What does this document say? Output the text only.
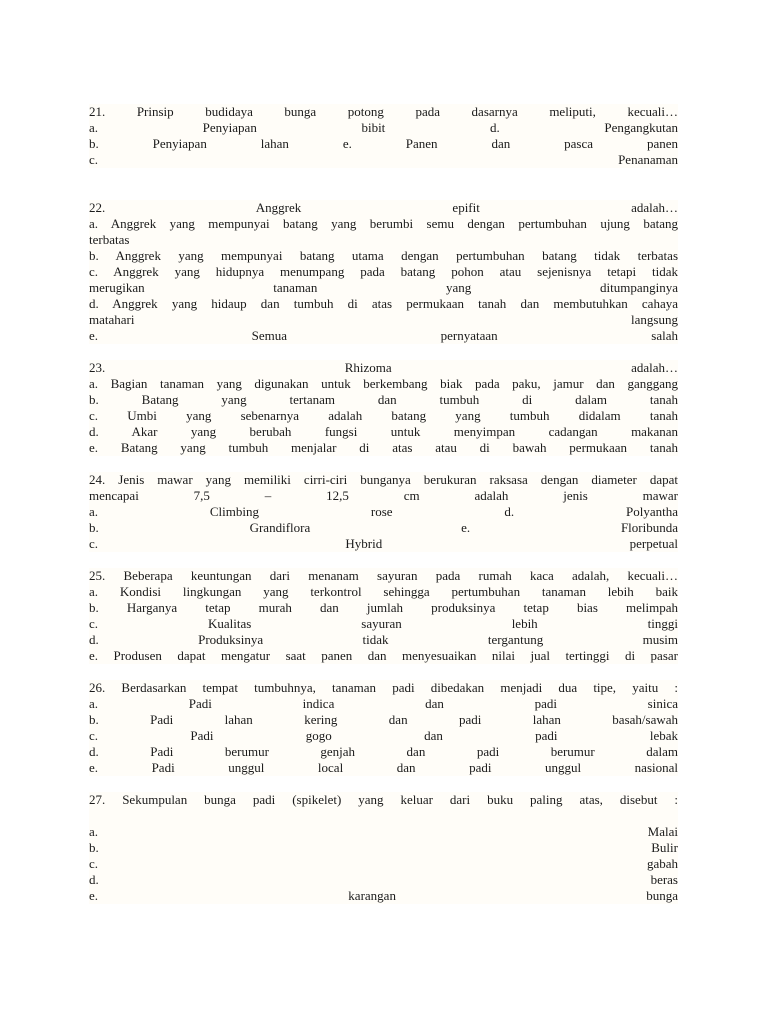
21. Prinsip budidaya bunga potong pada dasarnya meliputi, kecuali…
a. Penyiapan bibit d. Pengangkutan
b. Penyiapan lahan e. Panen dan pasca panen
c. Penanaman
22. Anggrek epifit adalah…
a. Anggrek yang mempunyai batang yang berumbi semu dengan pertumbuhan ujung batang
terbatas
b. Anggrek yang mempunyai batang utama dengan pertumbuhan batang tidak terbatas
c. Anggrek yang hidupnya menumpang pada batang pohon atau sejenisnya tetapi tidak
merugikan tanaman yang ditumpanginya
d. Anggrek yang hidaup dan tumbuh di atas permukaan tanah dan membutuhkan cahaya
matahari langsung
e. Semua pernyataan salah
23. Rhizoma adalah…
a. Bagian tanaman yang digunakan untuk berkembang biak pada paku, jamur dan ganggang
b. Batang yang tertanam dan tumbuh di dalam tanah
c. Umbi yang sebenarnya adalah batang yang tumbuh didalam tanah
d. Akar yang berubah fungsi untuk menyimpan cadangan makanan
e. Batang yang tumbuh menjalar di atas atau di bawah permukaan tanah
24. Jenis mawar yang memiliki cirri-ciri bunganya berukuran raksasa dengan diameter dapat
mencapai 7,5 – 12,5 cm adalah jenis mawar
a. Climbing rose d. Polyantha
b. Grandiflora e. Floribunda
c. Hybrid perpetual
25. Beberapa keuntungan dari menanam sayuran pada rumah kaca adalah, kecuali…
a. Kondisi lingkungan yang terkontrol sehingga pertumbuhan tanaman lebih baik
b. Harganya tetap murah dan jumlah produksinya tetap bias melimpah
c. Kualitas sayuran lebih tinggi
d. Produksinya tidak tergantung musim
e. Produsen dapat mengatur saat panen dan menyesuaikan nilai jual tertinggi di pasar
26. Berdasarkan tempat tumbuhnya, tanaman padi dibedakan menjadi dua tipe, yaitu :
a. Padi indica dan padi sinica
b. Padi lahan kering dan padi lahan basah/sawah
c. Padi gogo dan padi lebak
d. Padi berumur genjah dan padi berumur dalam
e. Padi unggul local dan padi unggul nasional
27. Sekumpulan bunga padi (spikelet) yang keluar dari buku paling atas, disebut :
a. Malai
b. Bulir
c. gabah
d. beras
e. karangan bunga
